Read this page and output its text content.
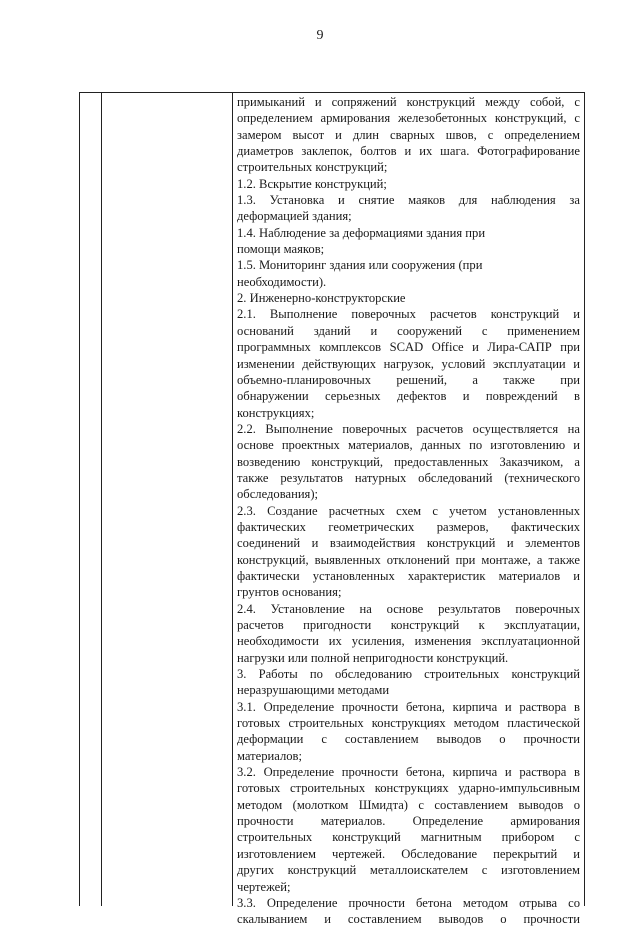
9
примыканий и сопряжений конструкций между собой, с
определением армирования железобетонных конструкций, с
замером высот и длин сварных швов, с определением
диаметров заклепок, болтов и их шага. Фотографирование
строительных конструкций;
1.2. Вскрытие конструкций;
1.3. Установка и снятие маяков для наблюдения за
деформацией здания;
1.4. Наблюдение за деформациями здания при
помощи маяков;
1.5. Мониторинг здания или сооружения (при
необходимости).
2. Инженерно-конструкторские
2.1. Выполнение поверочных расчетов конструкций и
оснований зданий и сооружений с применением
программных комплексов SCAD Office и Лира-САПР при
изменении действующих нагрузок, условий эксплуатации и
объемно-планировочных решений, а также при
обнаружении серьезных дефектов и повреждений в
конструкциях;
2.2. Выполнение поверочных расчетов осуществляется на
основе проектных материалов, данных по изготовлению и
возведению конструкций, предоставленных Заказчиком, а
также результатов натурных обследований (технического
обследования);
2.3. Создание расчетных схем с учетом установленных
фактических геометрических размеров, фактических
соединений и взаимодействия конструкций и элементов
конструкций, выявленных отклонений при монтаже, а также
фактически установленных характеристик материалов и
грунтов основания;
2.4. Установление на основе результатов поверочных
расчетов пригодности конструкций к эксплуатации,
необходимости их усиления, изменения эксплуатационной
нагрузки или полной непригодности конструкций.
3. Работы по обследованию строительных конструкций
неразрушающими методами
3.1. Определение прочности бетона, кирпича и раствора в
готовых строительных конструкциях методом пластической
деформации с составлением выводов о прочности
материалов;
3.2. Определение прочности бетона, кирпича и раствора в
готовых строительных конструкциях ударно-импульсивным
методом (молотком Шмидта) с составлением выводов о
прочности материалов. Определение армирования
строительных конструкций магнитным прибором с
изготовлением чертежей. Обследование перекрытий и
других конструкций металлоискателем с изготовлением
чертежей;
3.3. Определение прочности бетона методом отрыва со
скалыванием и составлением выводов о прочности
